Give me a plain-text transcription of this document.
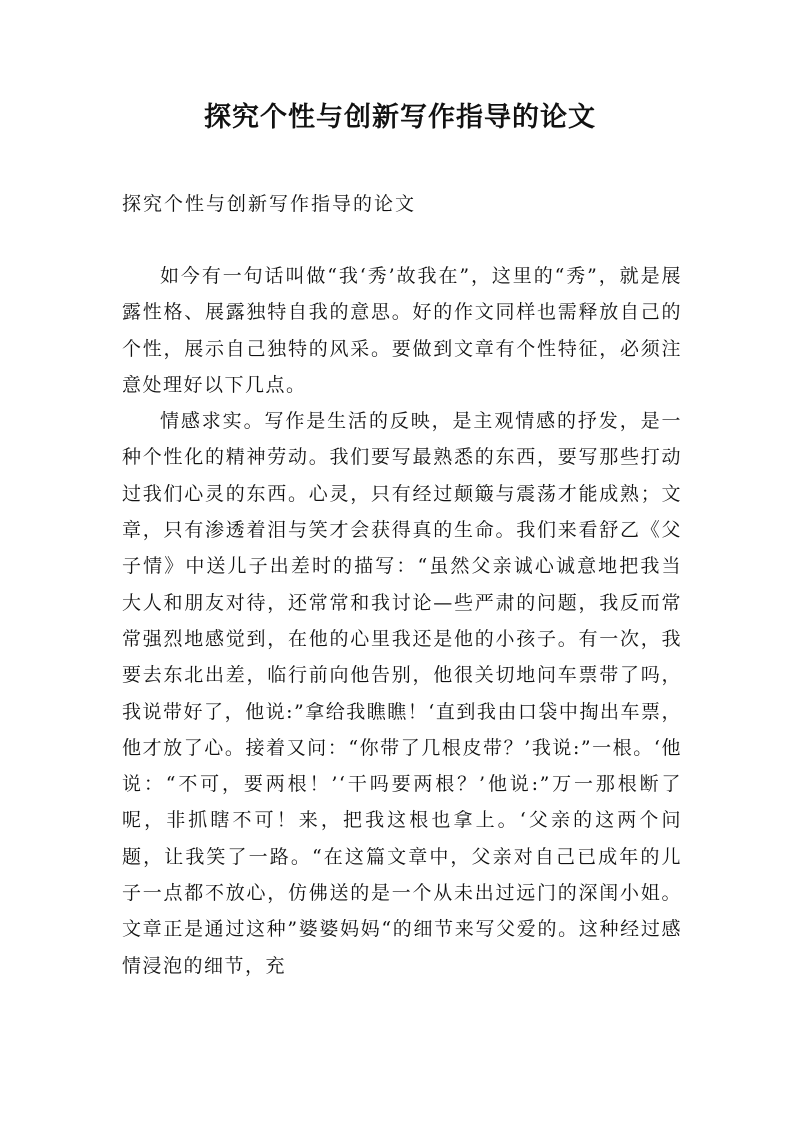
探究个性与创新写作指导的论文

探究个性与创新写作指导的论文

如今有一句话叫做“我‘秀’故我在”，这里的“秀”，就是展露性格、展露独特自我的意思。好的作文同样也需释放自己的个性，展示自己独特的风采。要做到文章有个性特征，必须注意处理好以下几点。

情感求实。写作是生活的反映，是主观情感的抒发，是一种个性化的精神劳动。我们要写最熟悉的东西，要写那些打动过我们心灵的东西。心灵，只有经过颠簸与震荡才能成熟；文章，只有渗透着泪与笑才会获得真的生命。我们来看舒乙《父子情》中送儿子出差时的描写：“虽然父亲诚心诚意地把我当大人和朋友对待，还常常和我讨论—些严肃的问题，我反而常常强烈地感觉到，在他的心里我还是他的小孩子。有一次，我要去东北出差，临行前向他告别，他很关切地问车票带了吗，我说带好了，他说:”拿给我瞧瞧！‘直到我由口袋中掏出车票，他才放了心。接着又问：“你带了几根皮带？’我说:”一根。‘他说：“不可，要两根！’‘干吗要两根？’他说:”万一那根断了呢，非抓瞎不可！来，把我这根也拿上。‘父亲的这两个问题，让我笑了一路。“在这篇文章中，父亲对自己已成年的儿子一点都不放心，仿佛送的是一个从未出过远门的深闺小姐。文章正是通过这种”婆婆妈妈“的细节来写父爱的。这种经过感情浸泡的细节，充
